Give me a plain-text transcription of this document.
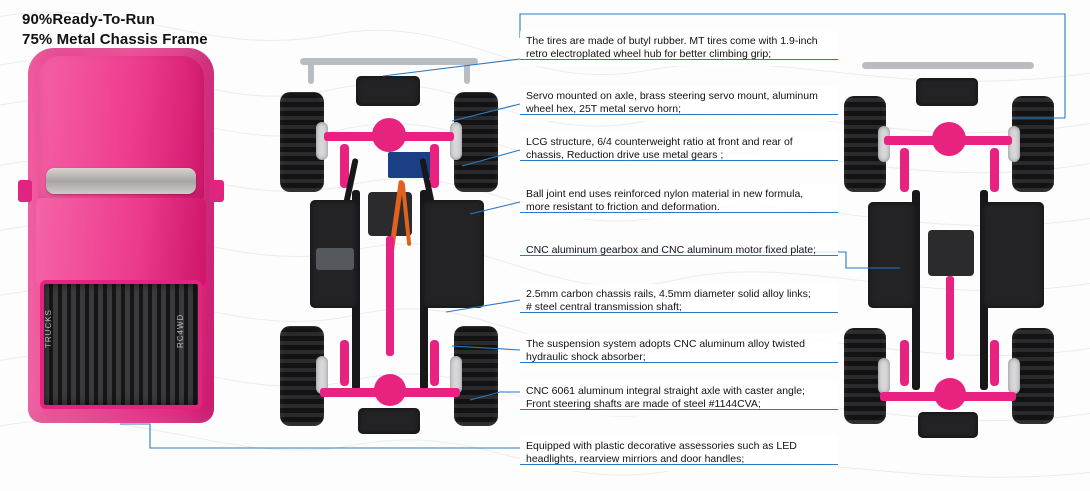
90%Ready-To-Run
75% Metal Chassis Frame
TRUCKS	RC4WD
The tires are made of butyl rubber. MT tires come with 1.9-inch
retro electroplated wheel hub for better climbing grip;
Servo mounted on axle, brass steering servo mount, aluminum
wheel hex, 25T metal servo horn;
LCG structure, 6/4 counterweight ratio at front and rear of
chassis, Reduction drive use metal gears ;
Ball joint end uses reinforced nylon material in new formula,
more resistant to friction and deformation.
CNC aluminum gearbox and CNC aluminum motor fixed plate;
2.5mm carbon chassis rails, 4.5mm diameter solid alloy links;
# steel central transmission shaft;
The suspension system adopts CNC aluminum alloy twisted
hydraulic shock absorber;
CNC 6061 aluminum integral straight axle with caster angle;
Front steering shafts are made of steel #1144CVA;
Equipped with plastic decorative assessories such as LED
headlights, rearview mirriors and door handles;
